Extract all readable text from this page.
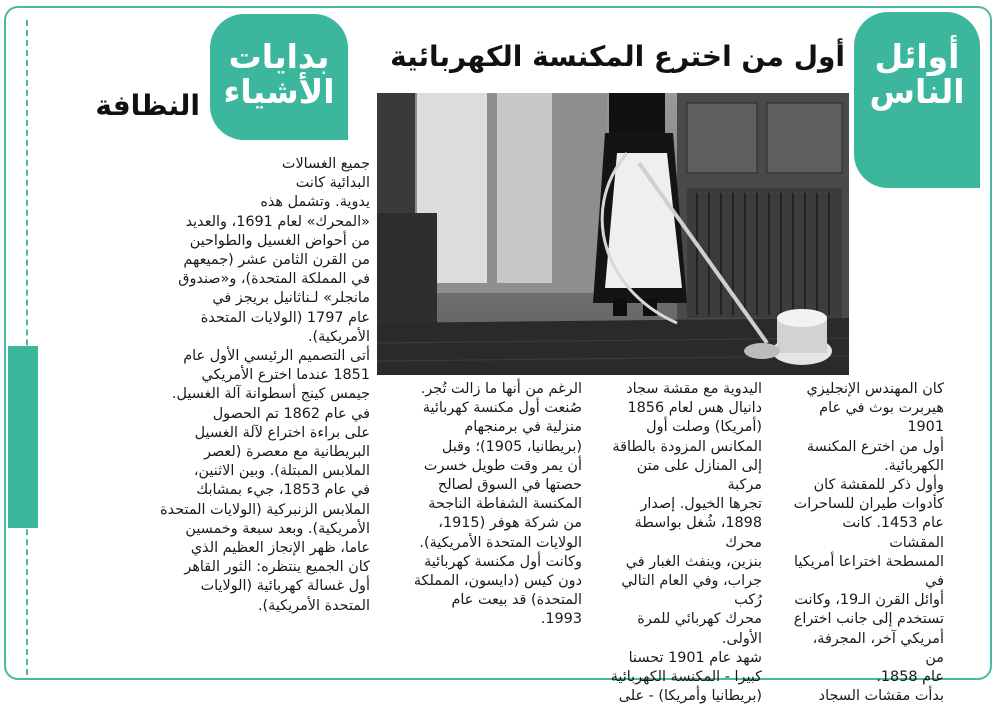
أوائل
الناس
بدايات
الأشياء
أول من اخترع المكنسة الكهربائية
النظافة
كان المهندس الإنجليزي
هيربرت بوث في عام 1901
أول من اخترع المكنسة
الكهربائية.
وأول ذكر للمقشة كان
كأدوات طيران للساحرات
عام 1453. كانت المقشات
المسطحة اختراعا أمريكيا في
أوائل القرن الـ19، وكانت
تستخدم إلى جانب اختراع
أمريكي آخر، المجرفة، من
عام 1858.
بدأت مقشات السجاد
اليدوية مع مقشة سجاد
دانيال هس لعام 1856
(أمريكا) وصلت أول
المكانس المزودة بالطاقة
إلى المنازل على متن مركبة
تجرها الخيول. إصدار
1898، شُغل بواسطة محرك
بنزين، وينفث الغبار في
جراب، وفي العام التالي رُكب
محرك كهربائي للمرة الأولى.
شهد عام 1901 تحسنا
كبيرا - المكنسة الكهربائية
(بريطانيا وأمريكا) - على
الرغم من أنها ما زالت تُجر.
صُنعت أول مكنسة كهربائية
منزلية في برمنجهام
(بريطانيا، 1905)؛ وقبل
أن يمر وقت طويل خسرت
حصتها في السوق لصالح
المكنسة الشفاطة الناجحة
من شركة هوفر (1915،
الولايات المتحدة الأمريكية).
وكانت أول مكنسة كهربائية
دون كيس (دايسون، المملكة
المتحدة) قد بيعت عام
1993.
جميع الغسالات
البدائية كانت
يدوية. وتشمل هذه
«المحرك» لعام 1691، والعديد
من أحواض الغسيل والطواحين
من القرن الثامن عشر (جميعهم
في المملكة المتحدة)، و«صندوق
مانجلر» لـناثانيل بريجز في
عام 1797 (الولايات المتحدة
الأمريكية).
أتى التصميم الرئيسي الأول عام
1851 عندما اخترع الأمريكي
جيمس كينج أسطوانة آلة الغسيل.
في عام 1862 تم الحصول
على براءة اختراع لآلة الغسيل
البريطانية مع معصرة (لعصر
الملابس المبتلة). وبين الاثنين،
في عام 1853، جيء بمشابك
الملابس الزنبركية (الولايات المتحدة
الأمريكية). وبعد سبعة وخمسين
عاما، ظهر الإنجاز العظيم الذي
كان الجميع ينتظره: الثور القاهر
أول غسالة كهربائية (الولايات
المتحدة الأمريكية).
